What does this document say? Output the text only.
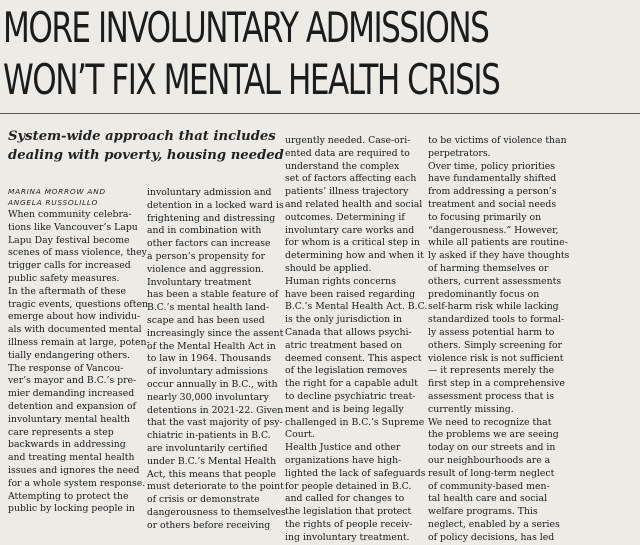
MORE INVOLUNTARY ADMISSIONS
WON’T FIX MENTAL HEALTH CRISIS
System-wide approach that includes
dealing with poverty, housing needed
MARINA MORROW AND
ANGELA RUSSOLILLO

When community celebra-

tions like Vancouver’s Lapu

Lapu Day festival become

scenes of mass violence, they

trigger calls for increased

public safety measures.

In the aftermath of these

tragic events, questions often

emerge about how individu-

als with documented mental

illness remain at large, poten-

tially endangering others.

The response of Vancou-

ver’s mayor and B.C.’s pre-

mier demanding increased

detention and expansion of

involuntary mental health

care represents a step

backwards in addressing

and treating mental health

issues and ignores the need

for a whole system response.

Attempting to protect the

public by locking people in

involuntary admission and

detention in a locked ward is

frightening and distressing

and in combination with

other factors can increase

a person’s propensity for

violence and aggression.

Involuntary treatment

has been a stable feature of

B.C.’s mental health land-

scape and has been used

increasingly since the assent

of the Mental Health Act in

to law in 1964. Thousands

of involuntary admissions

occur annually in B.C., with

nearly 30,000 involuntary

detentions in 2021-22. Given

that the vast majority of psy-

chiatric in-patients in B.C.

are involuntarily certified

under B.C.’s Mental Health

Act, this means that people

must deteriorate to the point

of crisis or demonstrate

dangerousness to themselves

or others before receiving

urgently needed. Case-ori-

ented data are required to

understand the complex

set of factors affecting each

patients’ illness trajectory

and related health and social

outcomes. Determining if

involuntary care works and

for whom is a critical step in

determining how and when it

should be applied.

Human rights concerns

have been raised regarding

B.C.’s Mental Health Act. B.C.

is the only jurisdiction in

Canada that allows psychi-

atric treatment based on

deemed consent. This aspect

of the legislation removes

the right for a capable adult

to decline psychiatric treat-

ment and is being legally

challenged in B.C.’s Supreme

Court.

Health Justice and other

organizations have high-

lighted the lack of safeguards

for people detained in B.C.

and called for changes to

the legislation that protect

the rights of people receiv-

ing involuntary treatment.

to be victims of violence than

perpetrators.

Over time, policy priorities

have fundamentally shifted

from addressing a person’s

treatment and social needs

to focusing primarily on

“dangerousness.” However,

while all patients are routine-

ly asked if they have thoughts

of harming themselves or

others, current assessments

predominantly focus on

self-harm risk while lacking

standardized tools to formal-

ly assess potential harm to

others. Simply screening for

violence risk is not sufficient

— it represents merely the

first step in a comprehensive

assessment process that is

currently missing.

We need to recognize that

the problems we are seeing

today on our streets and in

our neighbourhoods are a

result of long-term neglect

of community-based men-

tal health care and social

welfare programs. This

neglect, enabled by a series

of policy decisions, has led
